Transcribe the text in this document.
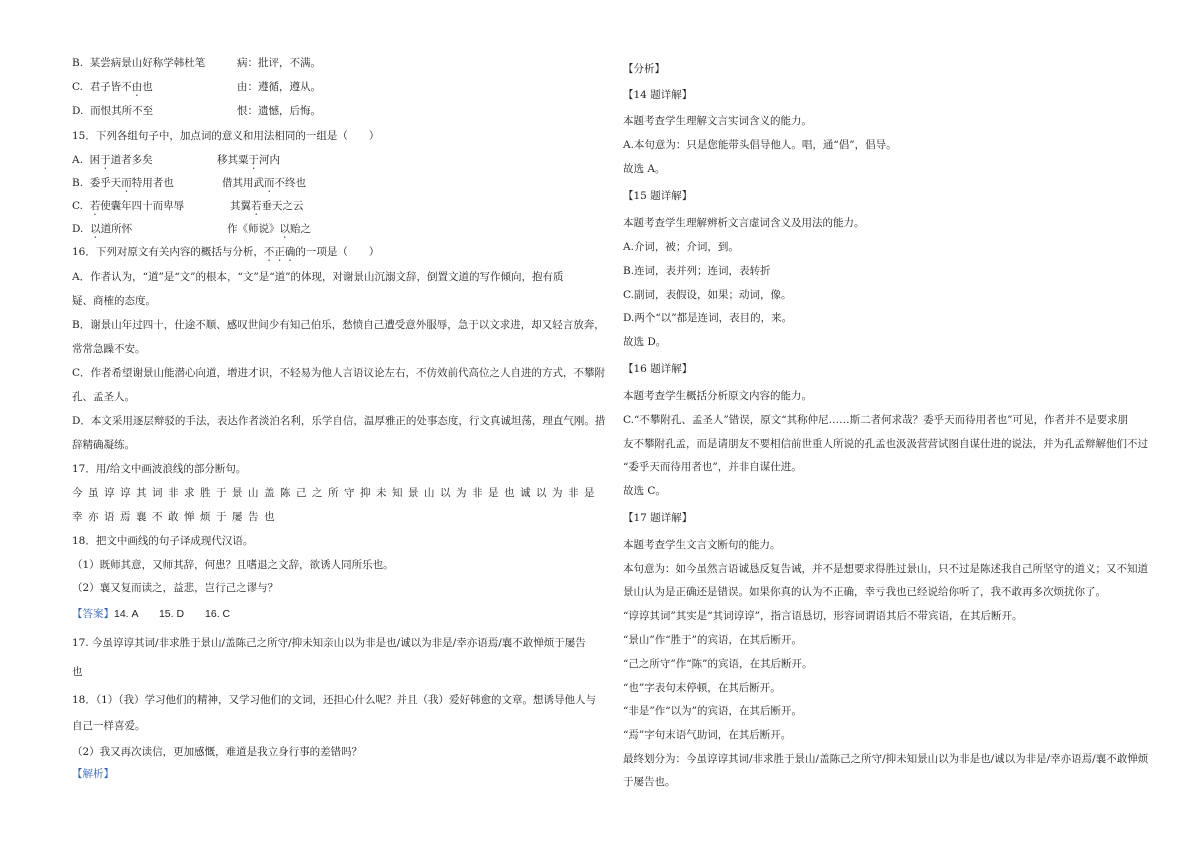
B. 某尝病景山好称学韩杜笔	病：批评，不满。
C. 君子皆不由也	由：遵循，遵从。
D. 而恨其所不至	恨：遗憾，后悔。
15．下列各组句子中，加点词的意义和用法相同的一组是（　　）
A. 困于道者多矣	移其粟于河内
B. 委乎天而特用者也	借其用武而不终也
C. 若使囊年四十而卑辱	其翼若垂天之云
D. 以道所怀	作《师说》以贻之
16．下列对原文有关内容的概括与分析，不正确的一项是（　　）
A．作者认为，“道”是“文”的根本，“文”是“道”的体现，对谢景山沉溺文辞，倒置文道的写作倾向，抱有质
疑、商榷的态度。
B．谢景山年过四十，仕途不顺、感叹世间少有知己伯乐，愁愤自己遭受意外服辱，急于以文求进，却又轻言放奔，
常常急躁不安。
C．作者希望谢景山能潜心向道，增进才识，不轻易为他人言语议论左右，不仿效前代高位之人自进的方式，不攀附
孔、孟圣人。
D．本文采用逐层辩驳的手法，表达作者淡泊名利，乐学自信，温厚雅正的处事态度，行文真诚坦荡，理直气刚。措
辞精确凝练。
17．用/给文中画波浪线的部分断句。
今虽谆谆其词非求胜于景山盖陈己之所守抑未知景山以为非是也诚以为非是
幸亦语焉襄不敢惮烦于屡告也
18．把文中画线的句子译成现代汉语。
（1）既师其意，又师其辞，何患？且嗜退之文辞，欲诱人同所乐也。
（2）襄又复而读之，益悲，岂行己之谬与？
【答案】14. A　　15. D　　16. C
17. 今虽谆谆其词/非求胜于景山/盖陈己之所守/抑未知亲山以为非是也/诚以为非是/幸亦语焉/襄不敢惮烦于屡告
也
18．（1）（我）学习他们的精神，又学习他们的文词，还担心什么呢？并且（我）爱好韩愈的文章。想诱导他人与
自己一样喜爱。
（2）我又再次读信，更加感慨，难道是我立身行事的差错吗？
【解析】
【分析】
【14 题详解】
本题考查学生理解文言实词含义的能力。
A.本句意为：只是您能带头倡导他人。唱，通“倡”，倡导。
故选 A。
【15 题详解】
本题考查学生理解辨析文言虚词含义及用法的能力。
A.介词，被；介词，到。
B.连词，表并列；连词，表转折
C.副词，表假设，如果；动词，像。
D.两个“以”都是连词，表目的，来。
故选 D。
【16 题详解】
本题考查学生概括分析原文内容的能力。
C.“不攀附孔、孟圣人”错误，原文“其称仲尼……斯二者何求哉？委乎天而待用者也”可见，作者并不是要求朋
友不攀附孔孟，而是请朋友不要相信前世重人所说的孔孟也汲汲营营试图自谋仕进的说法，并为孔孟辩解他们不过
“委乎天而待用者也”，并非自谋仕进。
故选 C。
【17 题详解】
本题考查学生文言文断句的能力。
本句意为：如今虽然言语诚恳反复告诫，并不是想要求得胜过景山，只不过是陈述我自己所坚守的道义；又不知道
景山认为是正确还是错误。如果你真的认为不正确，幸亏我也已经说给你听了，我不敢再多次烦扰你了。
“谆谆其词”其实是“其词谆谆”，指言语恳切，形容词谓语其后不带宾语，在其后断开。
“景山”作“胜于”的宾语，在其后断开。
“己之所守”作“陈”的宾语，在其后断开。
“也”字表句末停顿，在其后断开。
“非是”作“以为”的宾语，在其后断开。
“焉”字句末语气助词，在其后断开。
最终划分为：今虽谆谆其词/非求胜于景山/盖陈己之所守/抑未知景山以为非是也/诚以为非是/幸亦语焉/襄不敢惮烦
于屡告也。
